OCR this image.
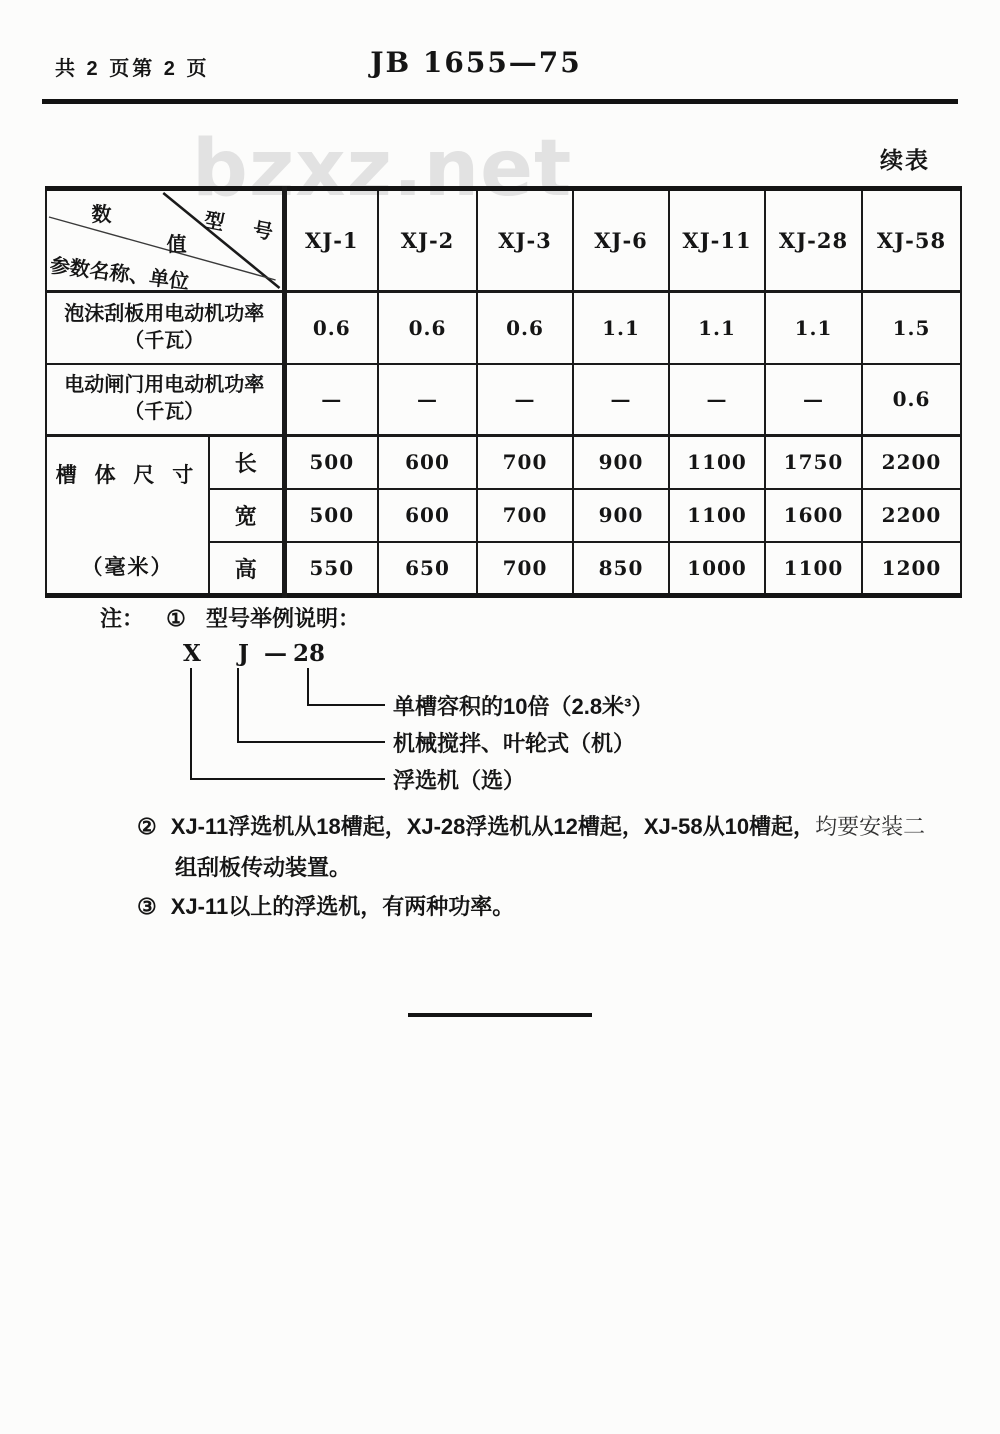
共 2 页第 2 页	JB 1655—75
续表
bzxz.net
数
值 型 号
参数名称、单位		XJ-1	XJ-2	XJ-3	XJ-6	XJ-11	XJ-28	XJ-58

泡沫刮板用电动机功率
（千瓦）		0.6	0.6	0.6	1.1	1.1	1.1	1.5

电动闸门用电动机功率
（千瓦）		—	—	—	—	—	—	0.6

槽 体 尺 寸
（毫米）	长	500	600	700	900	1100	1750	2200
	宽	500	600	700	900	1100	1600	2200
	高	550	650	700	850	1000	1100	1200
注： ① 型号举例说明：
X J — 28
单槽容积的10倍（2.8米³）
机械搅拌、叶轮式（机）
浮选机（选）
② XJ-11浮选机从18槽起，XJ-28浮选机从12槽起，XJ-58从10槽起，均要安装二
组刮板传动装置。
③ XJ-11以上的浮选机，有两种功率。
